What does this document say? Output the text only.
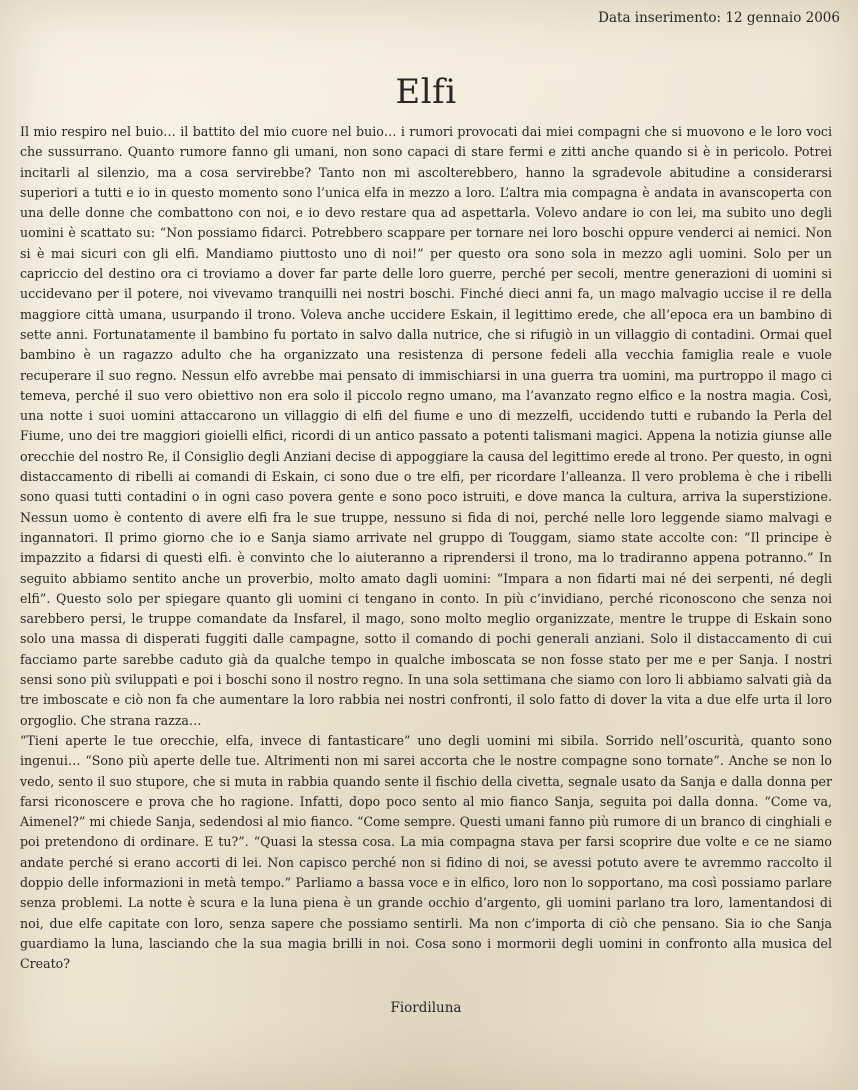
Data inserimento: 12 gennaio 2006
Elfi

Il mio respiro nel buio… il battito del mio cuore nel buio… i rumori provocati dai miei compagni che si muovono e le loro voci che sussurrano. Quanto rumore fanno gli umani, non sono capaci di stare fermi e zitti anche quando si è in pericolo. Potrei incitarli al silenzio, ma a cosa servirebbe? Tanto non mi ascolterebbero, hanno la sgradevole abitudine a considerarsi superiori a tutti e io in questo momento sono l’unica elfa in mezzo a loro. L’altra mia compagna è andata in avanscoperta con una delle donne che combattono con noi, e io devo restare qua ad aspettarla. Volevo andare io con lei, ma subito uno degli uomini è scattato su: “Non possiamo fidarci. Potrebbero scappare per tornare nei loro boschi oppure venderci ai nemici. Non si è mai sicuri con gli elfi. Mandiamo piuttosto uno di noi!” per questo ora sono sola in mezzo agli uomini. Solo per un capriccio del destino ora ci troviamo a dover far parte delle loro guerre, perché per secoli, mentre generazioni di uomini si uccidevano per il potere, noi vivevamo tranquilli nei nostri boschi. Finché dieci anni fa, un mago malvagio uccise il re della maggiore città umana, usurpando il trono. Voleva anche uccidere Eskain, il legittimo erede, che all’epoca era un bambino di sette anni. Fortunatamente il bambino fu portato in salvo dalla nutrice, che si rifugiò in un villaggio di contadini. Ormai quel bambino è un ragazzo adulto che ha organizzato una resistenza di persone fedeli alla vecchia famiglia reale e vuole recuperare il suo regno. Nessun elfo avrebbe mai pensato di immischiarsi in una guerra tra uomini, ma purtroppo il mago ci temeva, perché il suo vero obiettivo non era solo il piccolo regno umano, ma l’avanzato regno elfico e la nostra magia. Così, una notte i suoi uomini attaccarono un villaggio di elfi del fiume e uno di mezzelfi, uccidendo tutti e rubando la Perla del Fiume, uno dei tre maggiori gioielli elfici, ricordi di un antico passato a potenti talismani magici. Appena la notizia giunse alle orecchie del nostro Re, il Consiglio degli Anziani decise di appoggiare la causa del legittimo erede al trono. Per questo, in ogni distaccamento di ribelli ai comandi di Eskain, ci sono due o tre elfi, per ricordare l’alleanza. Il vero problema è che i ribelli sono quasi tutti contadini o in ogni caso povera gente e sono poco istruiti, e dove manca la cultura, arriva la superstizione. Nessun uomo è contento di avere elfi fra le sue truppe, nessuno si fida di noi, perché nelle loro leggende siamo malvagi e ingannatori. Il primo giorno che io e Sanja siamo arrivate nel gruppo di Touggam, siamo state accolte con: “Il principe è impazzito a fidarsi di questi elfi. è convinto che lo aiuteranno a riprendersi il trono, ma lo tradiranno appena potranno.” In seguito abbiamo sentito anche un proverbio, molto amato dagli uomini: “Impara a non fidarti mai né dei serpenti, né degli elfi”. Questo solo per spiegare quanto gli uomini ci tengano in conto. In più c’invidiano, perché riconoscono che senza noi sarebbero persi, le truppe comandate da Insfarel, il mago, sono molto meglio organizzate, mentre le truppe di Eskain sono solo una massa di disperati fuggiti dalle campagne, sotto il comando di pochi generali anziani. Solo il distaccamento di cui facciamo parte sarebbe caduto già da qualche tempo in qualche imboscata se non fosse stato per me e per Sanja. I nostri sensi sono più sviluppati e poi i boschi sono il nostro regno. In una sola settimana che siamo con loro li abbiamo salvati già da tre imboscate e ciò non fa che aumentare la loro rabbia nei nostri confronti, il solo fatto di dover la vita a due elfe urta il loro orgoglio. Che strana razza…

“Tieni aperte le tue orecchie, elfa, invece di fantasticare” uno degli uomini mi sibila. Sorrido nell’oscurità, quanto sono ingenui… “Sono più aperte delle tue. Altrimenti non mi sarei accorta che le nostre compagne sono tornate”. Anche se non lo vedo, sento il suo stupore, che si muta in rabbia quando sente il fischio della civetta, segnale usato da Sanja e dalla donna per farsi riconoscere e prova che ho ragione. Infatti, dopo poco sento al mio fianco Sanja, seguita poi dalla donna. “Come va, Aimenel?” mi chiede Sanja, sedendosi al mio fianco. “Come sempre. Questi umani fanno più rumore di un branco di cinghiali e poi pretendono di ordinare. E tu?”. “Quasi la stessa cosa. La mia compagna stava per farsi scoprire due volte e ce ne siamo andate perché si erano accorti di lei. Non capisco perché non si fidino di noi, se avessi potuto avere te avremmo raccolto il doppio delle informazioni in metà tempo.” Parliamo a bassa voce e in elfico, loro non lo sopportano, ma così possiamo parlare senza problemi. La notte è scura e la luna piena è un grande occhio d’argento, gli uomini parlano tra loro, lamentandosi di noi, due elfe capitate con loro, senza sapere che possiamo sentirli. Ma non c’importa di ciò che pensano. Sia io che Sanja guardiamo la luna, lasciando che la sua magia brilli in noi. Cosa sono i mormorii degli uomini in confronto alla musica del Creato?

Fiordiluna
